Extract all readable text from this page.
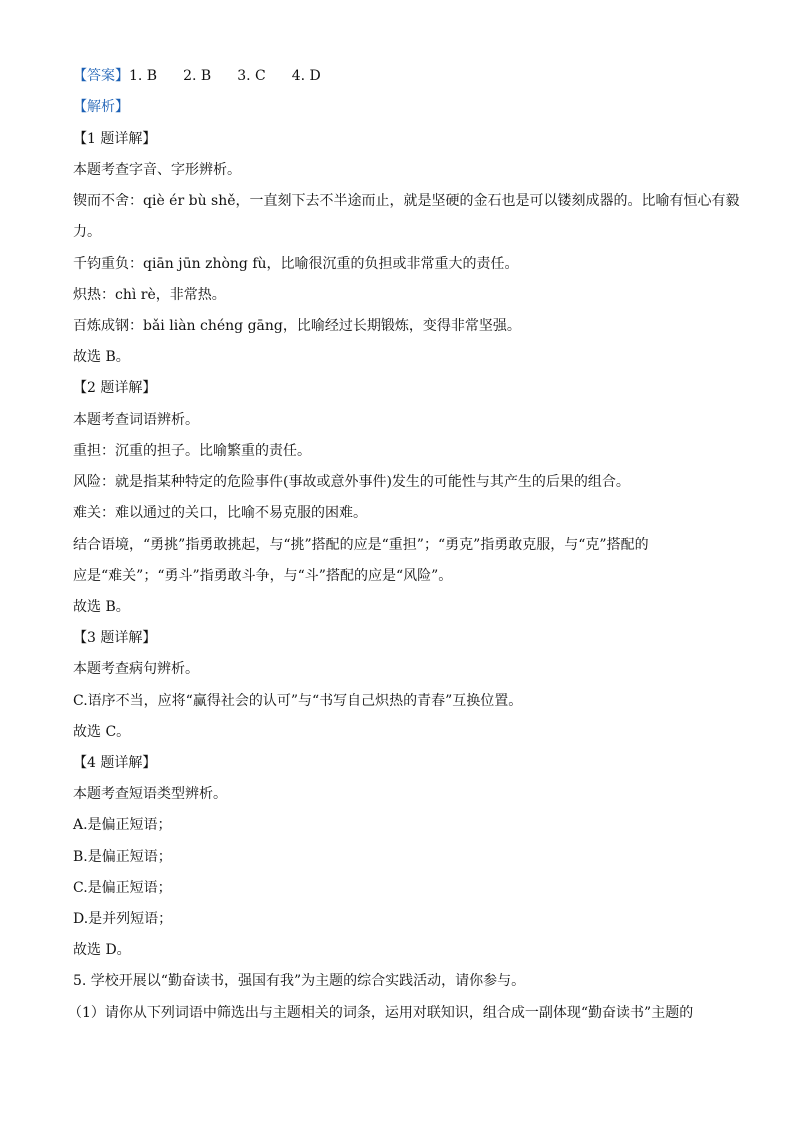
【答案】1. B 2. B 3. C 4. D
【解析】
【1 题详解】
本题考查字音、字形辨析。
锲而不舍：qiè ér bù shě，一直刻下去不半途而止，就是坚硬的金石也是可以镂刻成器的。比喻有恒心有毅
力。
千钧重负：qiān jūn zhòng fù，比喻很沉重的负担或非常重大的责任。
炽热：chì rè，非常热。
百炼成钢：bǎi liàn chéng gāng，比喻经过长期锻炼，变得非常坚强。
故选 B。
【2 题详解】
本题考查词语辨析。
重担：沉重的担子。比喻繁重的责任。
风险：就是指某种特定的危险事件(事故或意外事件)发生的可能性与其产生的后果的组合。
难关：难以通过的关口，比喻不易克服的困难。
结合语境，“勇挑”指勇敢挑起，与“挑”搭配的应是“重担”；“勇克”指勇敢克服，与“克”搭配的
应是“难关”；“勇斗”指勇敢斗争，与“斗”搭配的应是“风险”。
故选 B。
【3 题详解】
本题考查病句辨析。
C.语序不当，应将“赢得社会的认可”与“书写自己炽热的青春”互换位置。
故选 C。
【4 题详解】
本题考查短语类型辨析。
A.是偏正短语；
B.是偏正短语；
C.是偏正短语；
D.是并列短语；
故选 D。
5. 学校开展以“勤奋读书，强国有我”为主题的综合实践活动，请你参与。
（1）请你从下列词语中筛选出与主题相关的词条，运用对联知识，组合成一副体现“勤奋读书”主题的
